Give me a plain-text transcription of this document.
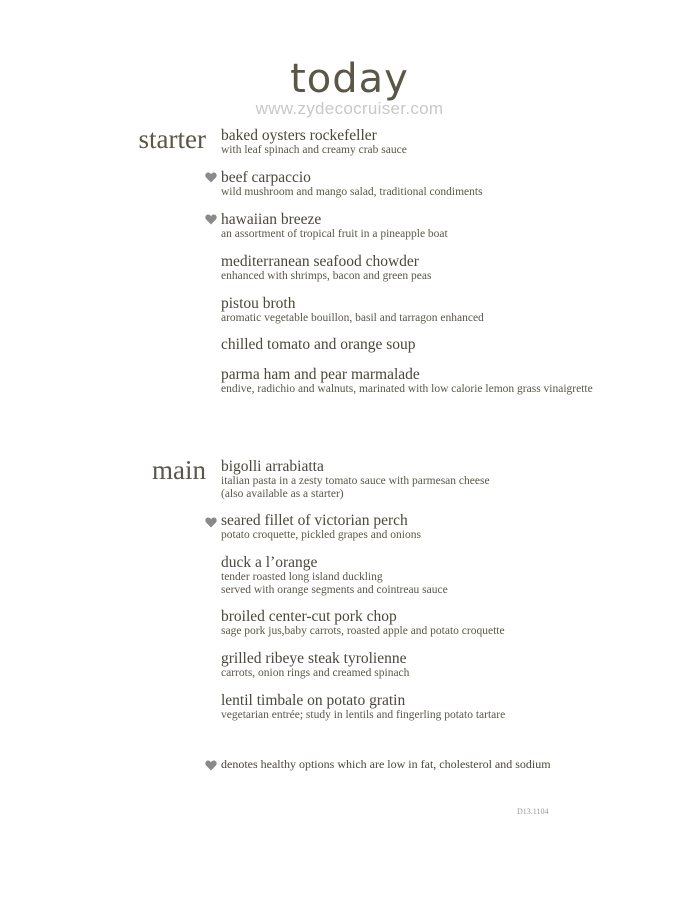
today
www.zydecocruiser.com
starter
main
baked oysters rockefeller
with leaf spinach and creamy crab sauce
beef carpaccio
wild mushroom and mango salad, traditional condiments
hawaiian breeze
an assortment of tropical fruit in a pineapple boat
mediterranean seafood chowder
enhanced with shrimps, bacon and green peas
pistou broth
aromatic vegetable bouillon, basil and tarragon enhanced
chilled tomato and orange soup
parma ham and pear marmalade
endive, radichio and walnuts, marinated with low calorie lemon grass vinaigrette
bigolli arrabiatta
italian pasta in a zesty tomato sauce with parmesan cheese
(also available as a starter)
seared fillet of victorian perch
potato croquette, pickled grapes and onions
duck a l’orange
tender roasted long island duckling
served with orange segments and cointreau sauce
broiled center-cut pork chop
sage pork jus,baby carrots, roasted apple and potato croquette
grilled ribeye steak tyrolienne
carrots, onion rings and creamed spinach
lentil timbale on potato gratin
vegetarian entrée; study in lentils and fingerling potato tartare
denotes healthy options which are low in fat, cholesterol and sodium
D13.1104
